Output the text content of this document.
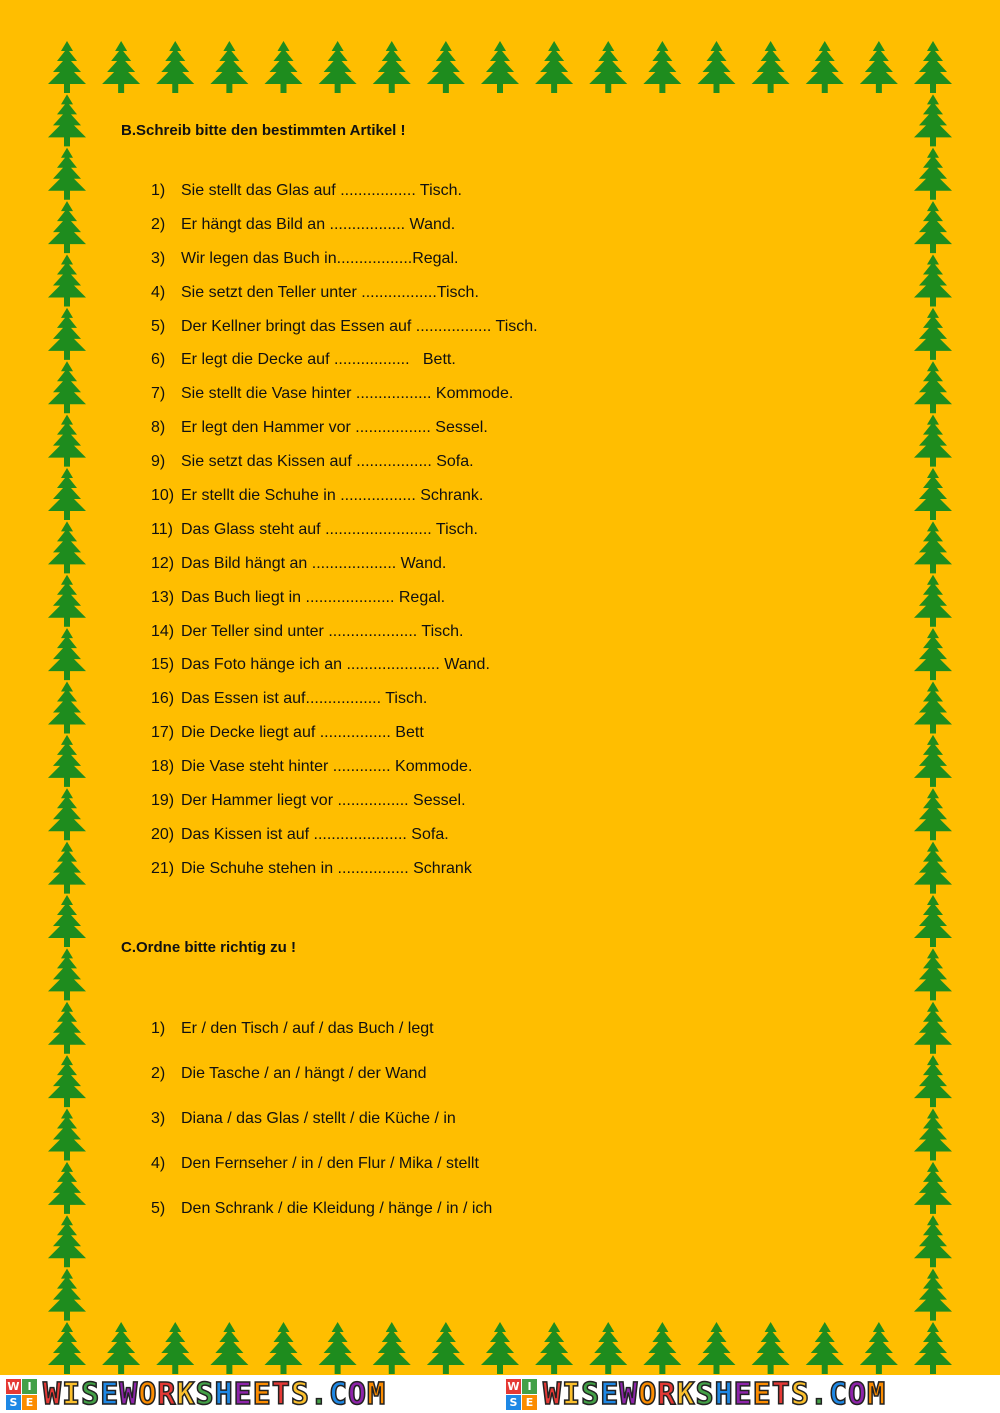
B.Schreib bitte den bestimmten Artikel !
1) Sie stellt das Glas auf ................. Tisch.
2) Er hängt das Bild an ................. Wand.
3) Wir legen das Buch in.................Regal.
4) Sie setzt den Teller unter .................Tisch.
5) Der Kellner bringt das Essen auf ................. Tisch.
6) Er legt die Decke auf .................   Bett.
7) Sie stellt die Vase hinter ................. Kommode.
8) Er legt den Hammer vor ................. Sessel.
9) Sie setzt das Kissen auf ................. Sofa.
10) Er stellt die Schuhe in ................. Schrank.
11) Das Glass steht auf ........................ Tisch.
12) Das Bild hängt an ................... Wand.
13) Das Buch liegt in .................... Regal.
14) Der Teller sind unter .................... Tisch.
15) Das Foto hänge ich an ..................... Wand.
16) Das Essen ist auf................. Tisch.
17) Die Decke liegt auf ................ Bett
18) Die Vase steht hinter ............. Kommode.
19) Der Hammer liegt vor ................ Sessel.
20) Das Kissen ist auf ..................... Sofa.
21) Die Schuhe stehen in ................ Schrank
C.Ordne bitte richtig zu !
1) Er / den Tisch / auf / das Buch / legt
2) Die Tasche / an / hängt / der Wand
3) Diana / das Glas / stellt / die Küche / in
4) Den Fernseher / in / den Flur / Mika / stellt
5) Den Schrank / die Kleidung / hänge / in / ich
W I
S E WISEWORKSHEETS.COM	W I
S E WISEWORKSHEETS.COM
